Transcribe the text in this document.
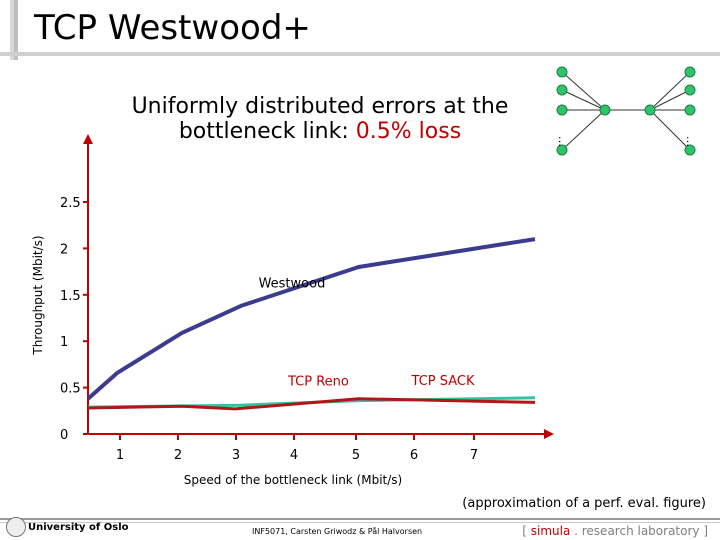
TCP Westwood+
Uniformly distributed errors at the
bottleneck link: 0.5% loss	…	…
0
0.5
1
1.5
2
2.5
1	2	3	4	5	6	7
Speed of the bottleneck link (Mbit/s)
Throughput (Mbit/s)	Westwood
TCP Reno	TCP SACK
(approximation of a perf. eval. figure)
University of Oslo	INF5071, Carsten Griwodz & Pål Halvorsen	[ simula . research laboratory ]
